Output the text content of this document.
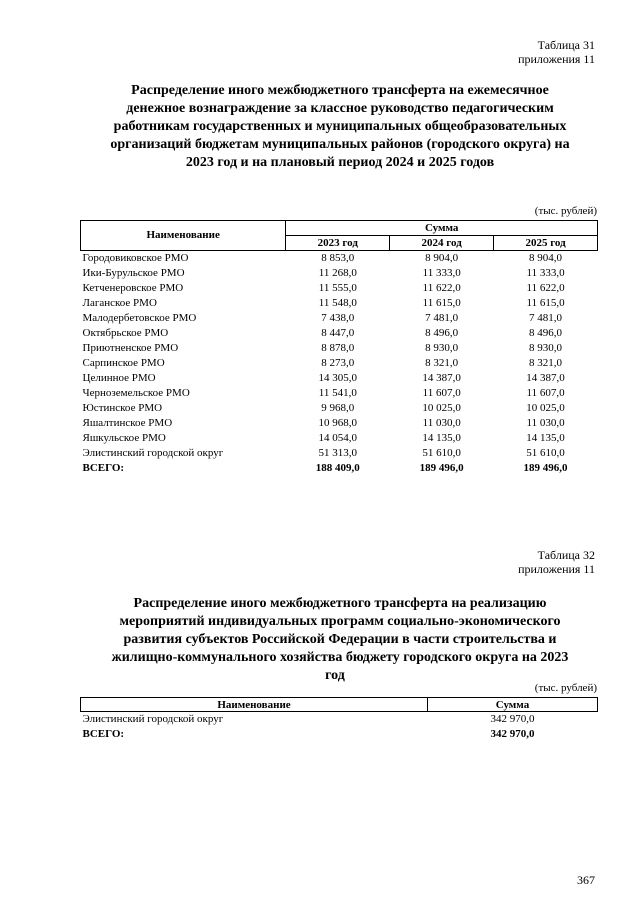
Таблица 31
приложения 11
Распределение иного межбюджетного трансферта на ежемесячное
денежное вознаграждение за классное руководство педагогическим
работникам государственных и муниципальных общеобразовательных
организаций бюджетам муниципальных районов (городского округа) на
2023 год и на плановый период 2024 и 2025 годов
(тыс. рублей)
Наименование	Сумма		
	2023 год	2024 год	2025 год
Городовиковское РМО	8 853,0	8 904,0	8 904,0
Ики-Бурульское РМО	11 268,0	11 333,0	11 333,0
Кетченеровское РМО	11 555,0	11 622,0	11 622,0
Лаганское РМО	11 548,0	11 615,0	11 615,0
Малодербетовское РМО	7 438,0	7 481,0	7 481,0
Октябрьское РМО	8 447,0	8 496,0	8 496,0
Приютненское РМО	8 878,0	8 930,0	8 930,0
Сарпинское РМО	8 273,0	8 321,0	8 321,0
Целинное РМО	14 305,0	14 387,0	14 387,0
Черноземельское РМО	11 541,0	11 607,0	11 607,0
Юстинское РМО	9 968,0	10 025,0	10 025,0
Яшалтинское РМО	10 968,0	11 030,0	11 030,0
Яшкульское РМО	14 054,0	14 135,0	14 135,0
Элистинский городской округ	51 313,0	51 610,0	51 610,0
ВСЕГО:	188 409,0	189 496,0	189 496,0
Таблица 32
приложения 11
Распределение иного межбюджетного трансферта на реализацию
мероприятий индивидуальных программ социально-экономического
развития субъектов Российской Федерации в части строительства и
жилищно-коммунального хозяйства бюджету городского округа на 2023
год
(тыс. рублей)
Наименование	Сумма
Элистинский городской округ	342 970,0
ВСЕГО:	342 970,0
367
